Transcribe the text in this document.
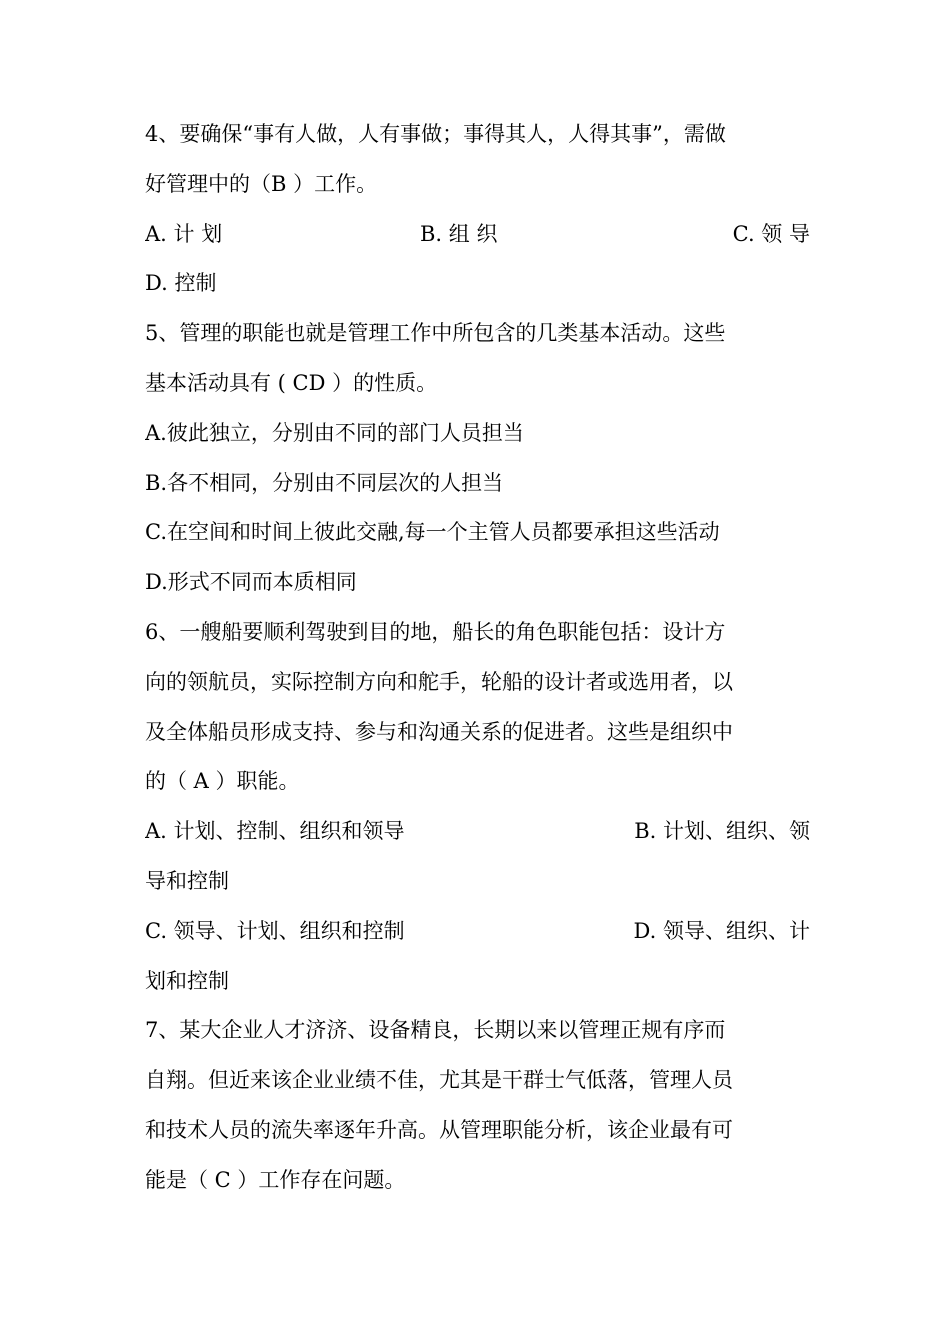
4、要确保“事有人做，人有事做；事得其人，人得其事”，需做
好管理中的（B ）工作。
A. 计 划	B. 组 织	C. 领 导
D. 控制
5、管理的职能也就是管理工作中所包含的几类基本活动。这些
基本活动具有 ( CD ）的性质。
A.彼此独立，分别由不同的部门人员担当
B.各不相同，分别由不同层次的人担当
C.在空间和时间上彼此交融,每一个主管人员都要承担这些活动
D.形式不同而本质相同
6、一艘船要顺利驾驶到目的地，船长的角色职能包括：设计方
向的领航员，实际控制方向和舵手，轮船的设计者或选用者，以
及全体船员形成支持、参与和沟通关系的促进者。这些是组织中
的（ A ）职能。
A. 计划、控制、组织和领导	B. 计划、组织、领
导和控制
C. 领导、计划、组织和控制	D. 领导、组织、计
划和控制
7、某大企业人才济济、设备精良，长期以来以管理正规有序而
自翔。但近来该企业业绩不佳，尤其是干群士气低落，管理人员
和技术人员的流失率逐年升高。从管理职能分析，该企业最有可
能是（ C ）工作存在问题。
